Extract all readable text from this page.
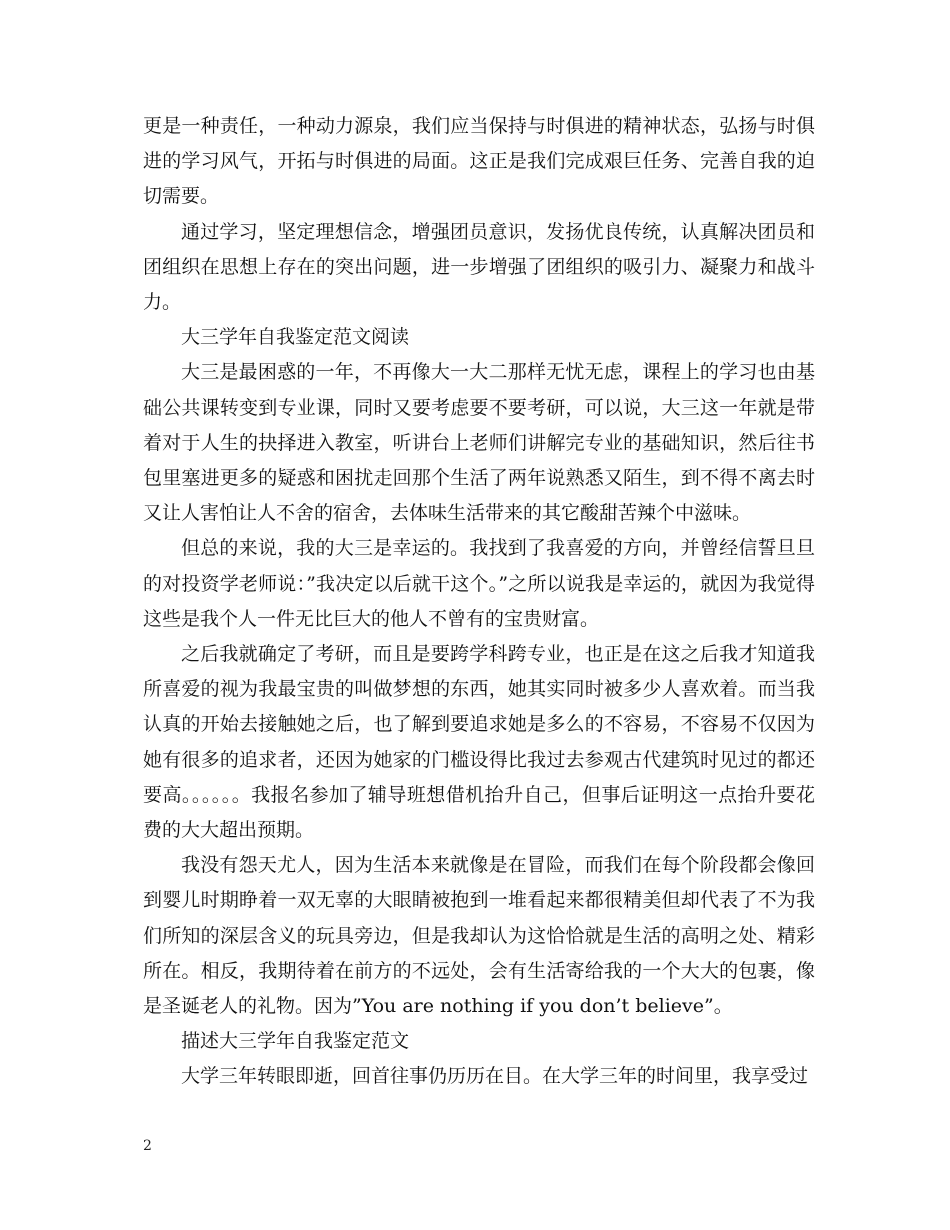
更是一种责任，一种动力源泉，我们应当保持与时俱进的精神状态，弘扬与时俱进的学习风气，开拓与时俱进的局面。这正是我们完成艰巨任务、完善自我的迫切需要。

通过学习，坚定理想信念，增强团员意识，发扬优良传统，认真解决团员和团组织在思想上存在的突出问题，进一步增强了团组织的吸引力、凝聚力和战斗力。

大三学年自我鉴定范文阅读

大三是最困惑的一年，不再像大一大二那样无忧无虑，课程上的学习也由基础公共课转变到专业课，同时又要考虑要不要考研，可以说，大三这一年就是带着对于人生的抉择进入教室，听讲台上老师们讲解完专业的基础知识，然后往书包里塞进更多的疑惑和困扰走回那个生活了两年说熟悉又陌生，到不得不离去时又让人害怕让人不舍的宿舍，去体味生活带来的其它酸甜苦辣个中滋味。

但总的来说，我的大三是幸运的。我找到了我喜爱的方向，并曾经信誓旦旦的对投资学老师说：”我决定以后就干这个。”之所以说我是幸运的，就因为我觉得这些是我个人一件无比巨大的他人不曾有的宝贵财富。

之后我就确定了考研，而且是要跨学科跨专业，也正是在这之后我才知道我所喜爱的视为我最宝贵的叫做梦想的东西，她其实同时被多少人喜欢着。而当我认真的开始去接触她之后，也了解到要追求她是多么的不容易，不容易不仅因为她有很多的追求者，还因为她家的门槛设得比我过去参观古代建筑时见过的都还要高。。。。。。我报名参加了辅导班想借机抬升自己，但事后证明这一点抬升要花费的大大超出预期。

我没有怨天尤人，因为生活本来就像是在冒险，而我们在每个阶段都会像回到婴儿时期睁着一双无辜的大眼睛被抱到一堆看起来都很精美但却代表了不为我们所知的深层含义的玩具旁边，但是我却认为这恰恰就是生活的高明之处、精彩所在。相反，我期待着在前方的不远处，会有生活寄给我的一个大大的包裹，像是圣诞老人的礼物。因为”You are nothing if you don’t believe”。

描述大三学年自我鉴定范文

大学三年转眼即逝，回首往事仍历历在目。在大学三年的时间里，我享受过

2
